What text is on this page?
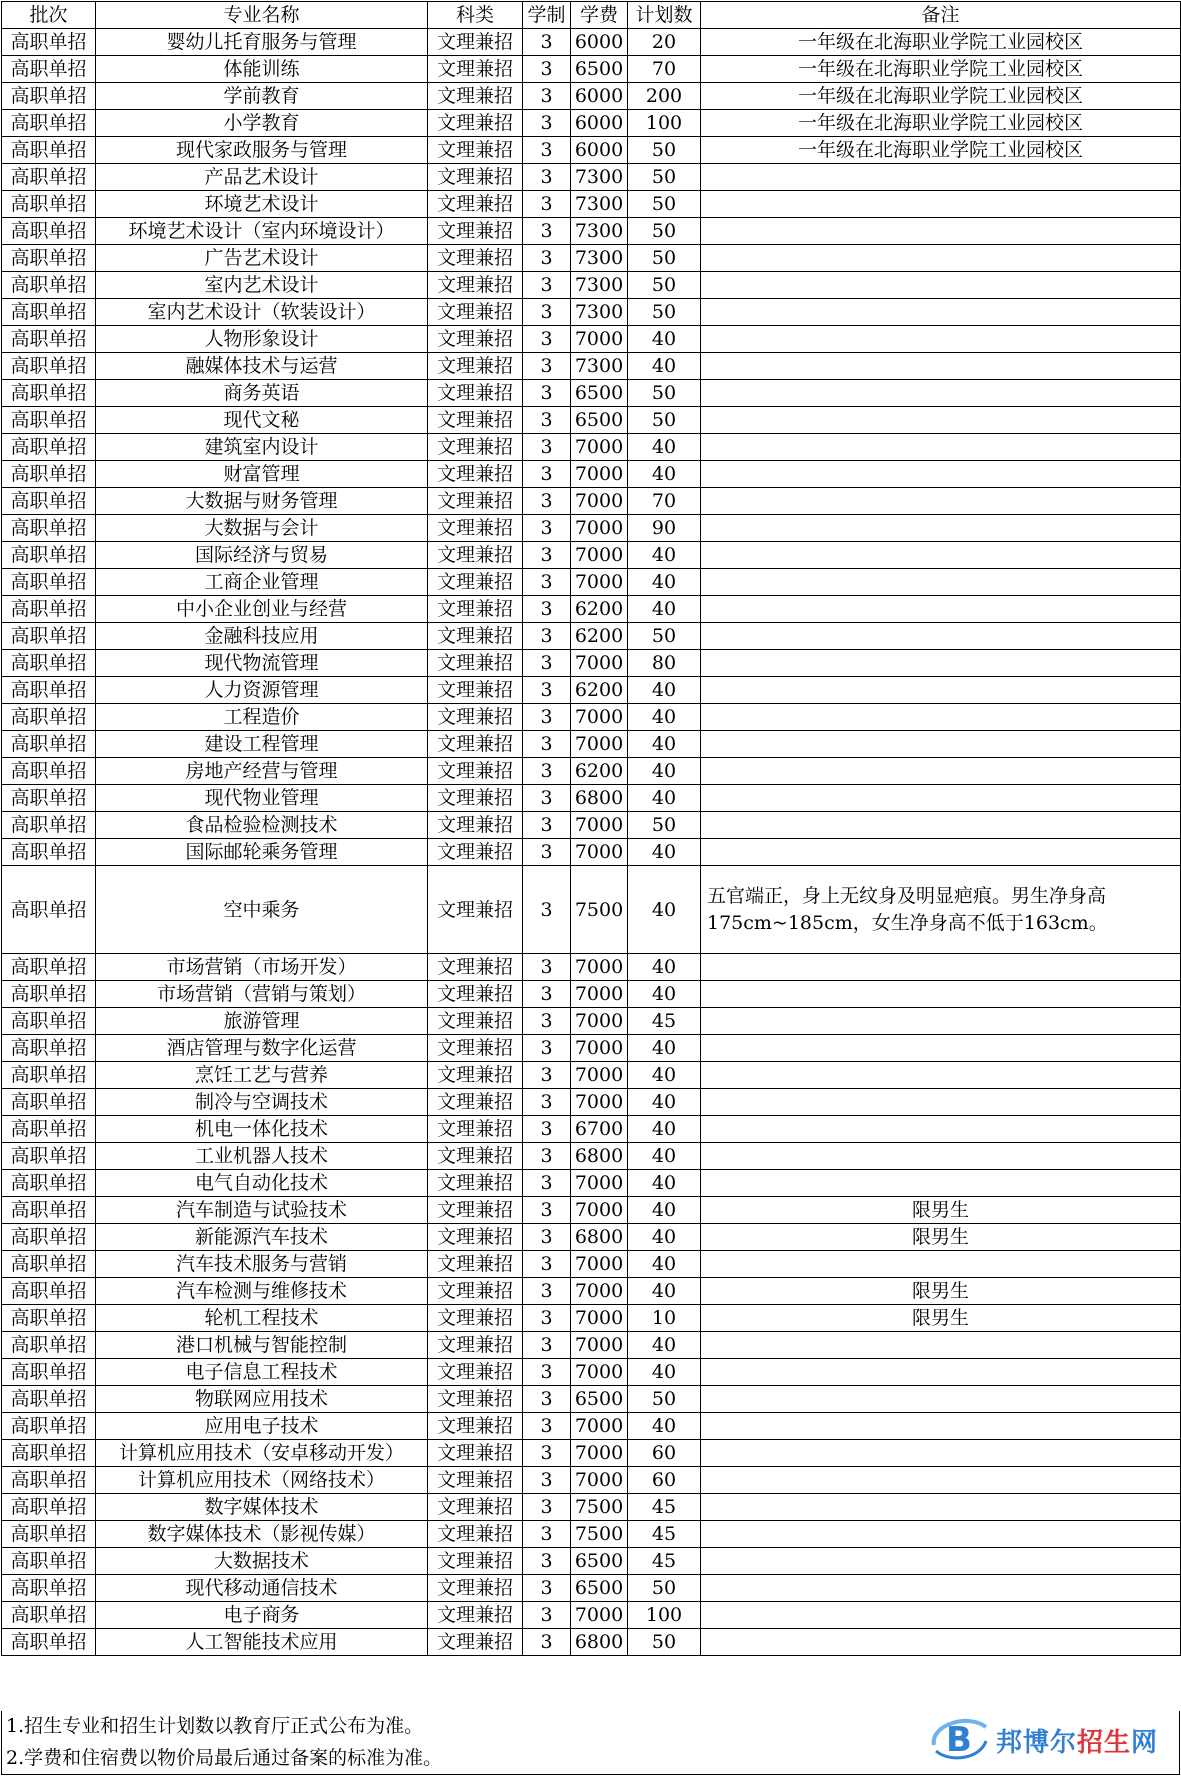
批次	专业名称	科类	学制	学费	计划数	备注
高职单招	婴幼儿托育服务与管理	文理兼招	3	6000	20	一年级在北海职业学院工业园校区
高职单招	体能训练	文理兼招	3	6500	70	一年级在北海职业学院工业园校区
高职单招	学前教育	文理兼招	3	6000	200	一年级在北海职业学院工业园校区
高职单招	小学教育	文理兼招	3	6000	100	一年级在北海职业学院工业园校区
高职单招	现代家政服务与管理	文理兼招	3	6000	50	一年级在北海职业学院工业园校区
高职单招	产品艺术设计	文理兼招	3	7300	50	
高职单招	环境艺术设计	文理兼招	3	7300	50	
高职单招	环境艺术设计（室内环境设计）	文理兼招	3	7300	50	
高职单招	广告艺术设计	文理兼招	3	7300	50	
高职单招	室内艺术设计	文理兼招	3	7300	50	
高职单招	室内艺术设计（软装设计）	文理兼招	3	7300	50	
高职单招	人物形象设计	文理兼招	3	7000	40	
高职单招	融媒体技术与运营	文理兼招	3	7300	40	
高职单招	商务英语	文理兼招	3	6500	50	
高职单招	现代文秘	文理兼招	3	6500	50	
高职单招	建筑室内设计	文理兼招	3	7000	40	
高职单招	财富管理	文理兼招	3	7000	40	
高职单招	大数据与财务管理	文理兼招	3	7000	70	
高职单招	大数据与会计	文理兼招	3	7000	90	
高职单招	国际经济与贸易	文理兼招	3	7000	40	
高职单招	工商企业管理	文理兼招	3	7000	40	
高职单招	中小企业创业与经营	文理兼招	3	6200	40	
高职单招	金融科技应用	文理兼招	3	6200	50	
高职单招	现代物流管理	文理兼招	3	7000	80	
高职单招	人力资源管理	文理兼招	3	6200	40	
高职单招	工程造价	文理兼招	3	7000	40	
高职单招	建设工程管理	文理兼招	3	7000	40	
高职单招	房地产经营与管理	文理兼招	3	6200	40	
高职单招	现代物业管理	文理兼招	3	6800	40	
高职单招	食品检验检测技术	文理兼招	3	7000	50	
高职单招	国际邮轮乘务管理	文理兼招	3	7000	40	
高职单招	空中乘务	文理兼招	3	7500	40	五官端正，身上无纹身及明显疤痕。男生净身高175cm~185cm，女生净身高不低于163cm。
高职单招	市场营销（市场开发）	文理兼招	3	7000	40	
高职单招	市场营销（营销与策划）	文理兼招	3	7000	40	
高职单招	旅游管理	文理兼招	3	7000	45	
高职单招	酒店管理与数字化运营	文理兼招	3	7000	40	
高职单招	烹饪工艺与营养	文理兼招	3	7000	40	
高职单招	制冷与空调技术	文理兼招	3	7000	40	
高职单招	机电一体化技术	文理兼招	3	6700	40	
高职单招	工业机器人技术	文理兼招	3	6800	40	
高职单招	电气自动化技术	文理兼招	3	7000	40	
高职单招	汽车制造与试验技术	文理兼招	3	7000	40	限男生
高职单招	新能源汽车技术	文理兼招	3	6800	40	限男生
高职单招	汽车技术服务与营销	文理兼招	3	7000	40	
高职单招	汽车检测与维修技术	文理兼招	3	7000	40	限男生
高职单招	轮机工程技术	文理兼招	3	7000	10	限男生
高职单招	港口机械与智能控制	文理兼招	3	7000	40	
高职单招	电子信息工程技术	文理兼招	3	7000	40	
高职单招	物联网应用技术	文理兼招	3	6500	50	
高职单招	应用电子技术	文理兼招	3	7000	40	
高职单招	计算机应用技术（安卓移动开发）	文理兼招	3	7000	60	
高职单招	计算机应用技术（网络技术）	文理兼招	3	7000	60	
高职单招	数字媒体技术	文理兼招	3	7500	45	
高职单招	数字媒体技术（影视传媒）	文理兼招	3	7500	45	
高职单招	大数据技术	文理兼招	3	6500	45	
高职单招	现代移动通信技术	文理兼招	3	6500	50	
高职单招	电子商务	文理兼招	3	7000	100	
高职单招	人工智能技术应用	文理兼招	3	6800	50	
1.招生专业和招生计划数以教育厅正式公布为准。
2.学费和住宿费以物价局最后通过备案的标准为准。	B 邦博尔招生网
